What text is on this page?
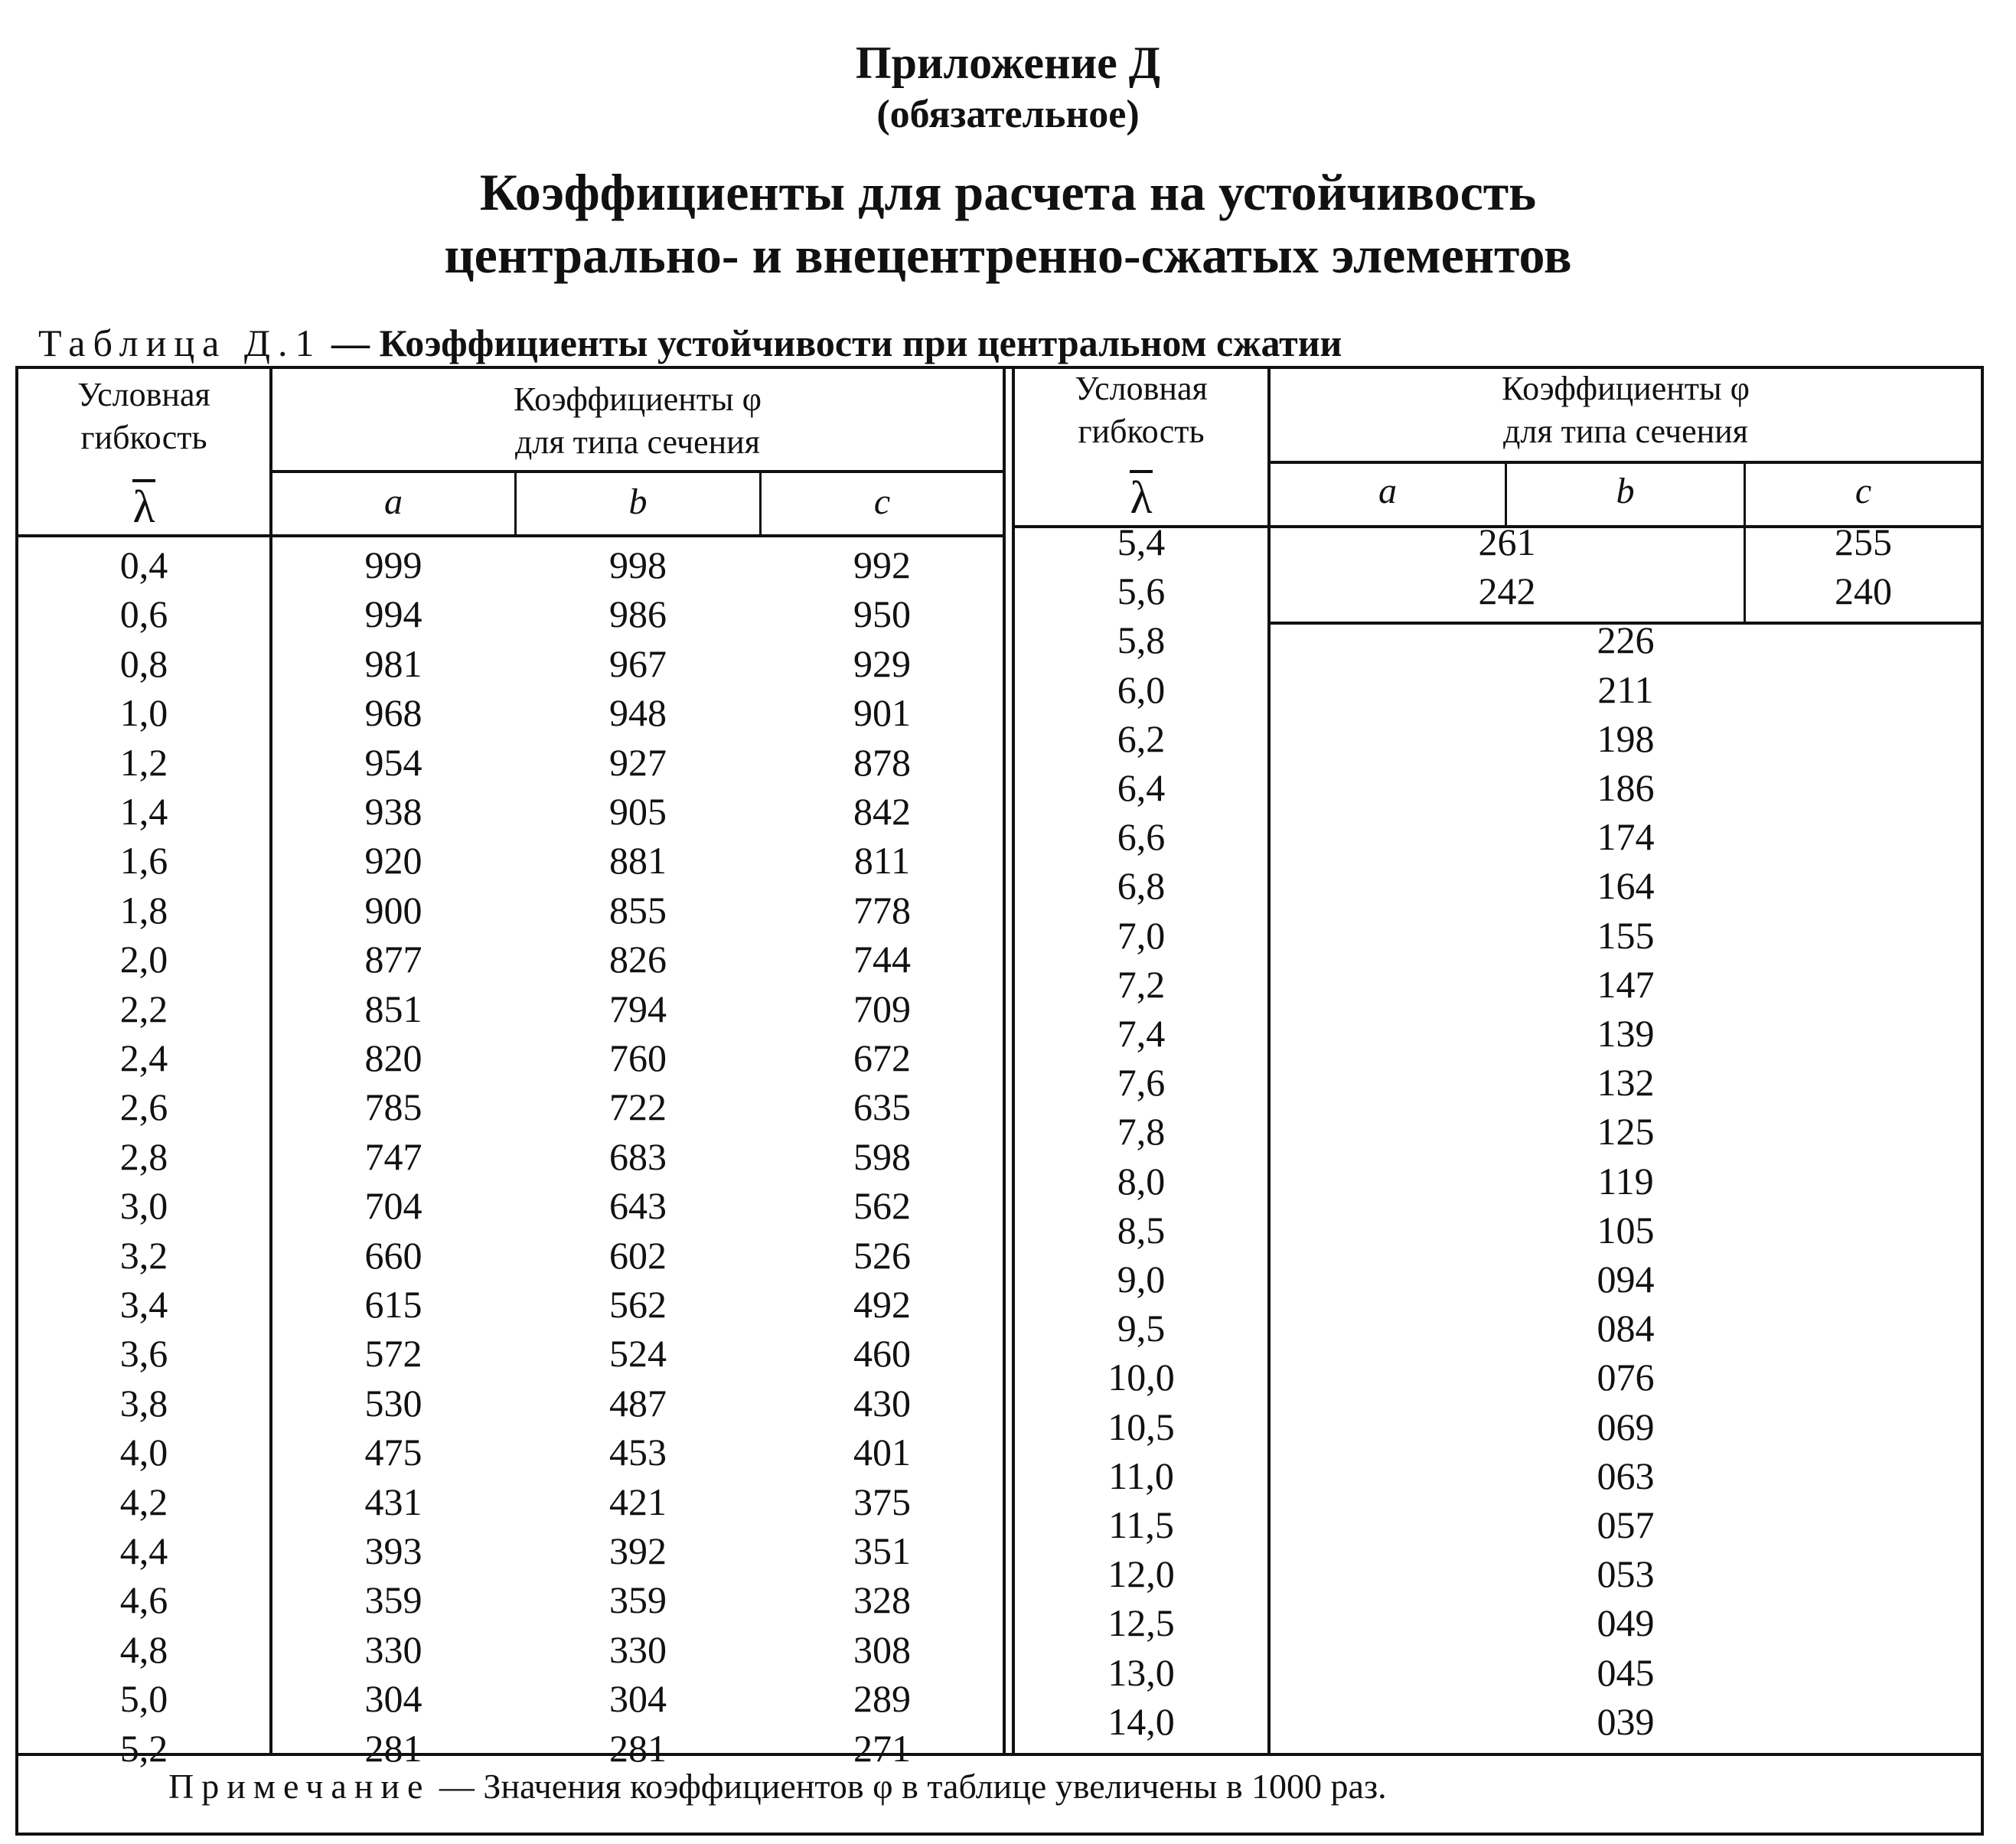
Приложение Д
(обязательное)
Коэффициенты для расчета на устойчивость
центрально- и внецентренно-сжатых элементов
Таблица Д.1 — Коэффициенты устойчивости при центральном сжатии
Условная
гибкость
λ
Коэффициенты φ
для типа сечения
a	b	c
Условная
гибкость
λ
Коэффициенты φ
для типа сечения
a	b	c
0,4	999	998	992
0,6	994	986	950
0,8	981	967	929
1,0	968	948	901
1,2	954	927	878
1,4	938	905	842
1,6	920	881	811
1,8	900	855	778
2,0	877	826	744
2,2	851	794	709
2,4	820	760	672
2,6	785	722	635
2,8	747	683	598
3,0	704	643	562
3,2	660	602	526
3,4	615	562	492
3,6	572	524	460
3,8	530	487	430
4,0	475	453	401
4,2	431	421	375
4,4	393	392	351
4,6	359	359	328
4,8	330	330	308
5,0	304	304	289
5,2	281	281	271
5,4	261	255
5,6	242	240
5,8	226
6,0	211
6,2	198
6,4	186
6,6	174
6,8	164
7,0	155
7,2	147
7,4	139
7,6	132
7,8	125
8,0	119
8,5	105
9,0	094
9,5	084
10,0	076
10,5	069
11,0	063
11,5	057
12,0	053
12,5	049
13,0	045
14,0	039
Примечание — Значения коэффициентов φ в таблице увеличены в 1000 раз.
